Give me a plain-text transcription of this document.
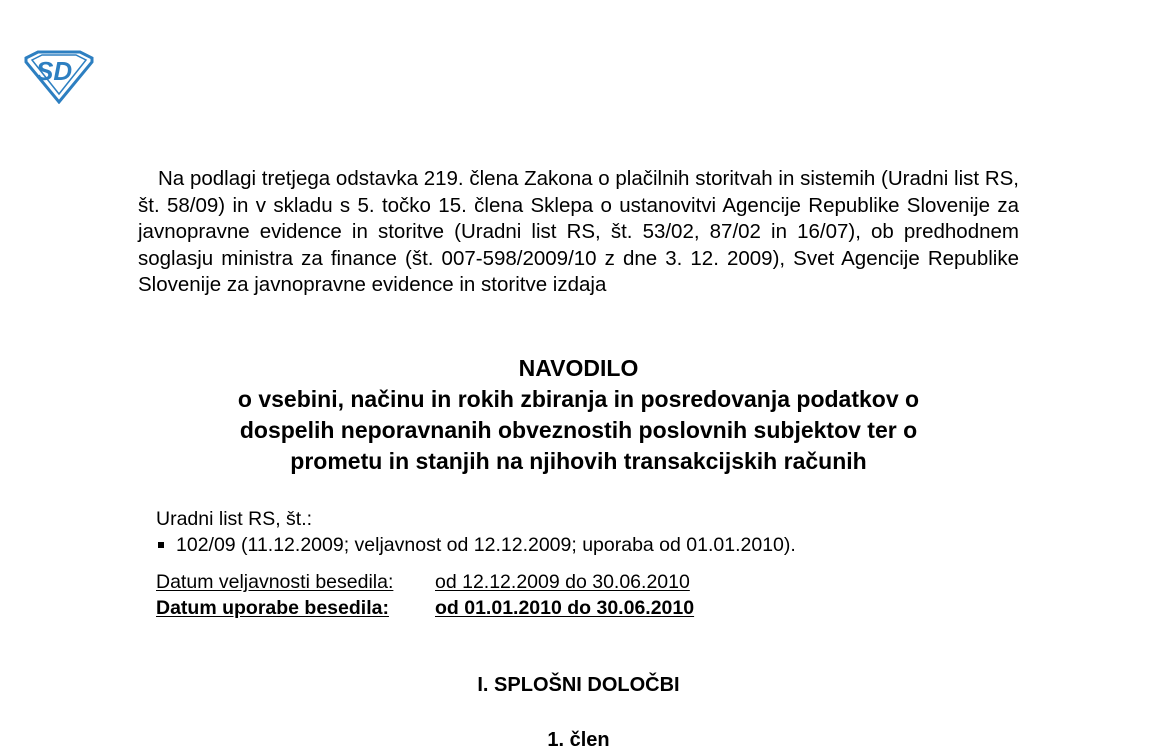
SD

Na podlagi tretjega odstavka 219. člena Zakona o plačilnih storitvah in sistemih (Uradni list RS, št. 58/09) in v skladu s 5. točko 15. člena Sklepa o ustanovitvi Agencije Republike Slovenije za javnopravne evidence in storitve (Uradni list RS, št. 53/02, 87/02 in 16/07), ob predhodnem soglasju ministra za finance (št. 007-598/2009/10 z dne 3. 12. 2009), Svet Agencije Republike Slovenije za javnopravne evidence in storitve izdaja

NAVODILO
o vsebini, načinu in rokih zbiranja in posredovanja podatkov o
dospelih neporavnanih obveznostih poslovnih subjektov ter o
prometu in stanjih na njihovih transakcijskih računih
Uradni list RS, št.:
102/09 (11.12.2009; veljavnost od 12.12.2009; uporaba od 01.01.2010).
Datum veljavnosti besedila:	od 12.12.2009 do 30.06.2010
Datum uporabe besedila:	od 01.01.2010 do 30.06.2010
I. SPLOŠNI DOLOČBI
1. člen
